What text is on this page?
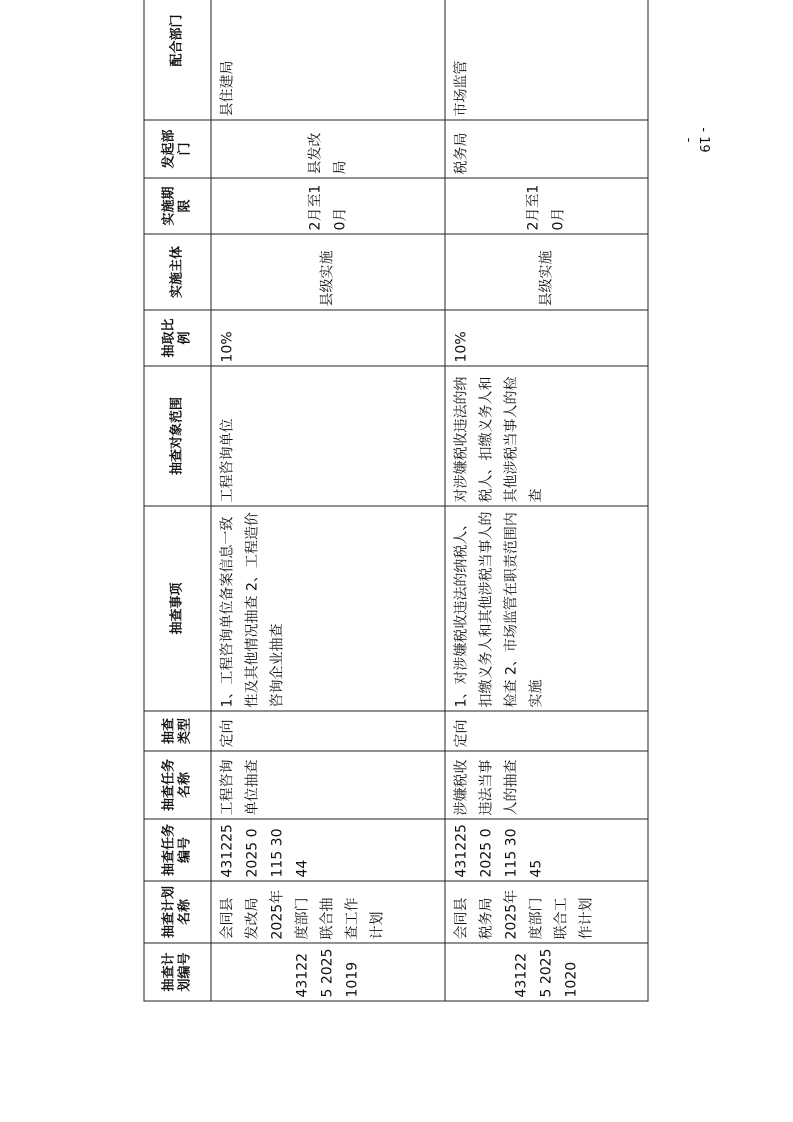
- 19 -
抽查计划编号	抽查计划名称	抽查任务编号	抽查任务名称	抽查类型	抽查事项	抽查对象范围	抽取比例	实施主体	实施期限	发起部门	配合部门
431225 2025 1019	会同县发改局 2025年度部门联合抽查工作计划	431225 2025 0115 3044	工程咨询单位抽查	定向	1、工程咨询单位备案信息一致性及其他情况抽查 2、工程造价咨询企业抽查	工程咨询单位	10%	县级实施	2月至10月	县发改局	县住建局
431225 2025 1020	会同县税务局 2025年度部门联合工作计划	431225 2025 0115 3045	涉嫌税收违法当事人的抽查	定向	1、对涉嫌税收违法的纳税人、扣缴义务人和其他涉税当事人的检查 2、市场监管在职责范围内实施	对涉嫌税收违法的纳税人、扣缴义务人和其他涉税当事人的检查	10%	县级实施	2月至10月	税务局	市场监管
